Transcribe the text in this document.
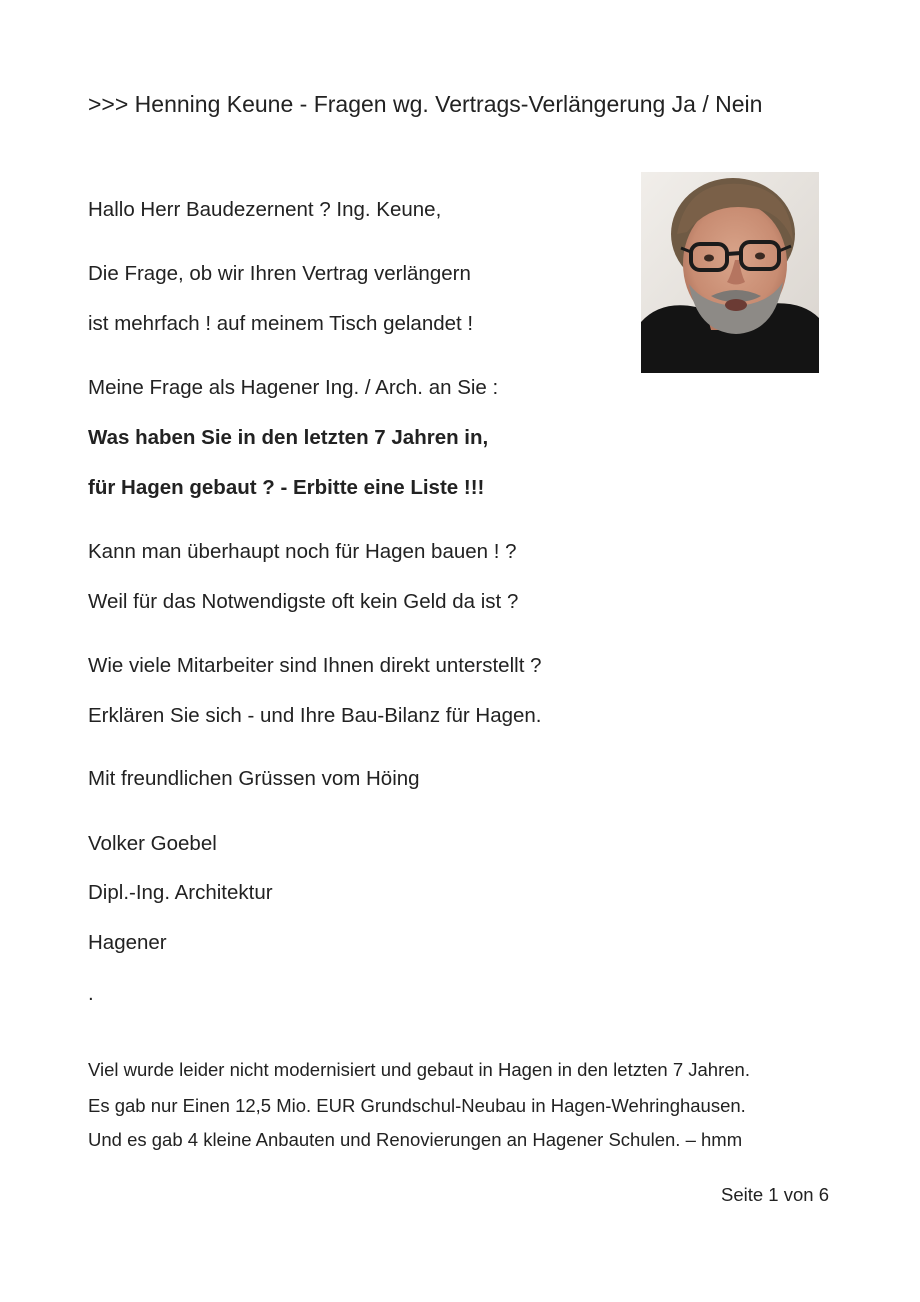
>>> Henning Keune - Fragen wg. Vertrags-Verlängerung Ja / Nein
Hallo Herr Baudezernent ? Ing. Keune,
Die Frage, ob wir Ihren Vertrag verlängern
ist mehrfach ! auf meinem Tisch gelandet !
Meine Frage als Hagener Ing. / Arch. an Sie :
Was haben Sie in den letzten 7 Jahren in,
für Hagen gebaut ? - Erbitte eine Liste !!!
Kann man überhaupt noch für Hagen bauen ! ?
Weil für das Notwendigste oft kein Geld da ist ?
Wie viele Mitarbeiter sind Ihnen direkt unterstellt ?
Erklären Sie sich - und Ihre Bau-Bilanz für Hagen.
Mit freundlichen Grüssen vom Höing
Volker Goebel
Dipl.-Ing. Architektur
Hagener
.
Viel wurde leider nicht modernisiert und gebaut in Hagen in den letzten 7 Jahren.
Es gab nur Einen 12,5 Mio. EUR Grundschul-Neubau in Hagen-Wehringhausen.
Und es gab 4 kleine Anbauten und Renovierungen an Hagener Schulen. – hmm
Seite 1 von 6
